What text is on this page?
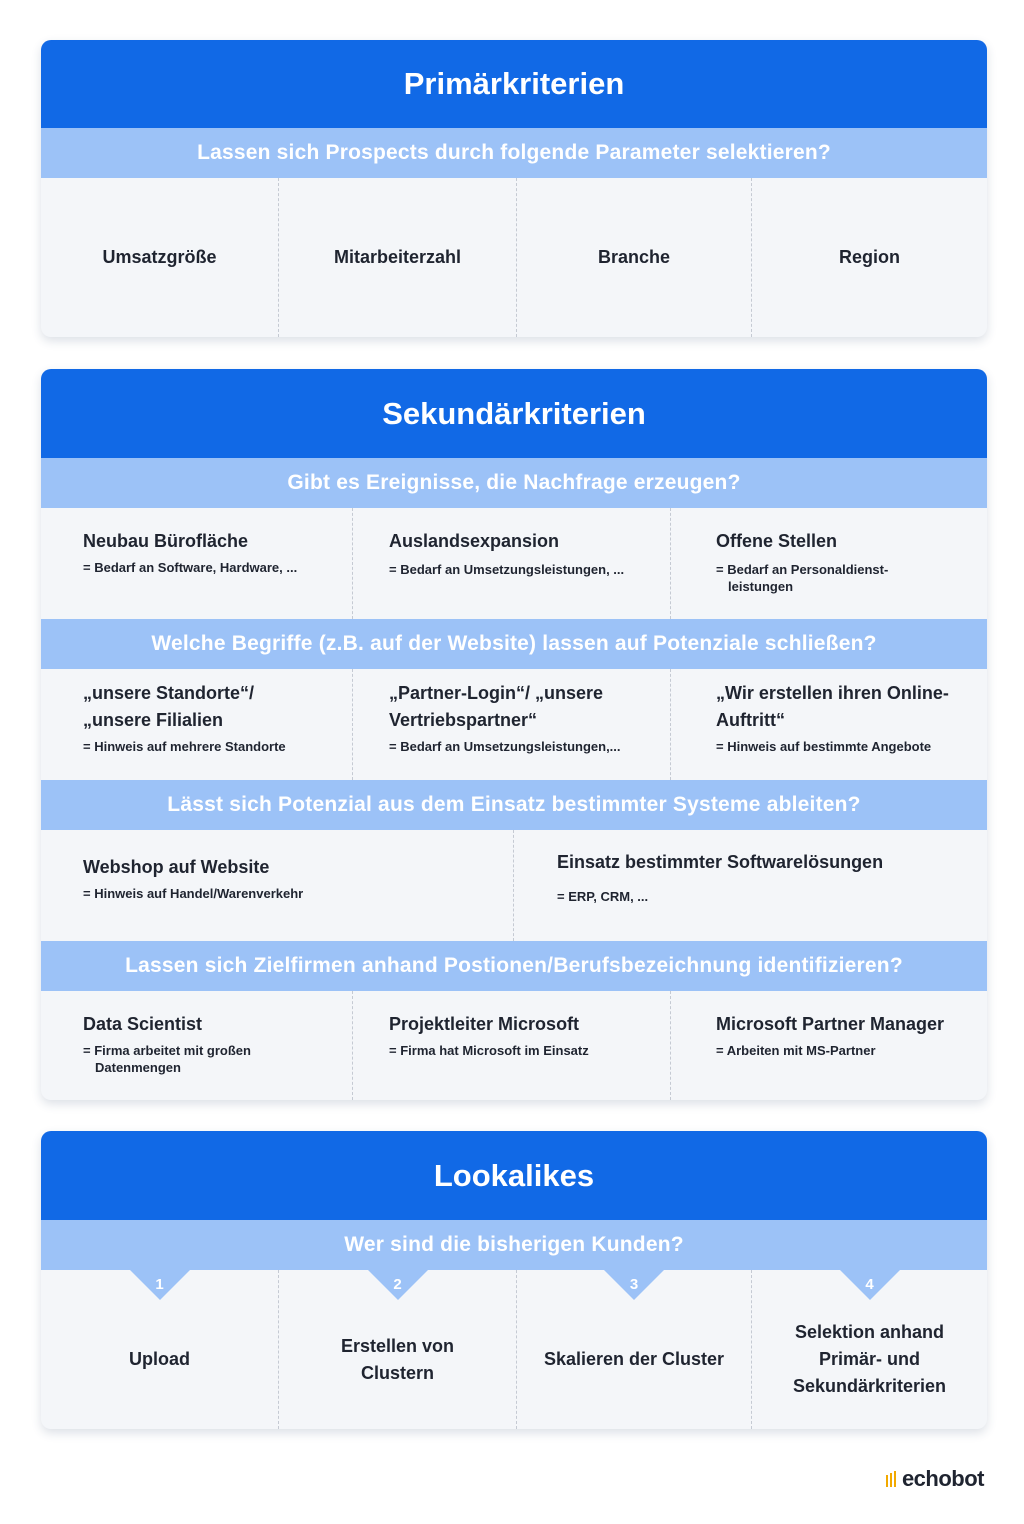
Primärkriterien
Lassen sich Prospects durch folgende Parameter selektieren?
Umsatzgröße	Mitarbeiterzahl	Branche	Region
Sekundärkriterien
Gibt es Ereignisse, die Nachfrage erzeugen?
Neubau Bürofläche
= Bedarf an Software, Hardware, ...
Auslandsexpansion
= Bedarf an Umsetzungsleistungen, ...
Offene Stellen
= Bedarf an Personaldienst-leistungen
Welche Begriffe (z.B. auf der Website) lassen auf Potenziale schließen?
„unsere Standorte“/ „unsere Filialien
= Hinweis auf mehrere Standorte
„Partner-Login“/ „unsere Vertriebspartner“
= Bedarf an Umsetzungsleistungen,...
„Wir erstellen ihren Online-Auftritt“
= Hinweis auf bestimmte Angebote
Lässt sich Potenzial aus dem Einsatz bestimmter Systeme ableiten?
Webshop auf Website
= Hinweis auf Handel/Warenverkehr
Einsatz bestimmter Softwarelösungen
= ERP, CRM, ...
Lassen sich Zielfirmen anhand Postionen/Berufsbezeichnung identifizieren?
Data Scientist
= Firma arbeitet mit großen Datenmengen
Projektleiter Microsoft
= Firma hat Microsoft im Einsatz
Microsoft Partner Manager
= Arbeiten mit MS-Partner
Lookalikes
Wer sind die bisherigen Kunden?
1
Upload
2
Erstellen von Clustern
3
Skalieren der Cluster
4
Selektion anhand Primär- und Sekundärkriterien
echobot
